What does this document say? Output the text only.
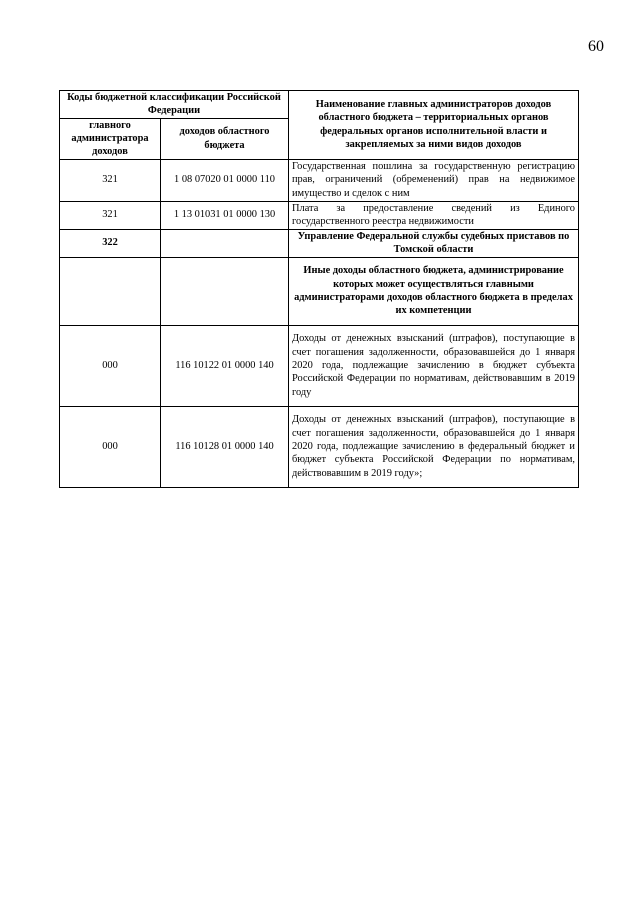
60
Коды бюджетной классификации Российской Федерации		Наименование главных администраторов доходов областного бюджета – территориальных органов федеральных органов исполнительной власти и закрепляемых за ними видов доходов
главного администратора доходов	доходов областного бюджета	
321	1 08 07020 01 0000 110	Государственная пошлина за государственную регистрацию прав, ограничений (обременений) прав на недвижимое имущество и сделок с ним
321	1 13 01031 01 0000 130	Плата за предоставление сведений из Единого государственного реестра недвижимости
322		Управление Федеральной службы судебных приставов по Томской области
		Иные доходы областного бюджета, администрирование которых может осуществляться главными администраторами доходов областного бюджета в пределах их компетенции
000	116 10122 01 0000 140	Доходы от денежных взысканий (штрафов), поступающие в счет погашения задолженности, образовавшейся до 1 января 2020 года, подлежащие зачислению в бюджет субъекта Российской Федерации по нормативам, действовавшим в 2019 году
000	116 10128 01 0000 140	Доходы от денежных взысканий (штрафов), поступающие в счет погашения задолженности, образовавшейся до 1 января 2020 года, подлежащие зачислению в федеральный бюджет и бюджет субъекта Российской Федерации по нормативам, действовавшим в 2019 году»;
